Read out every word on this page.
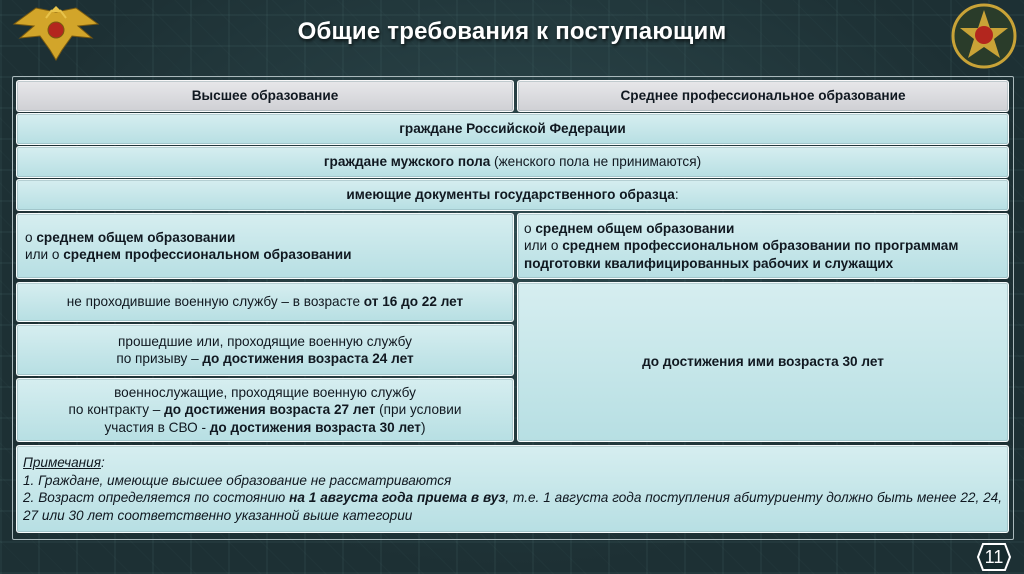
Общие требования к поступающим
Высшее образование	Среднее профессиональное образование
граждане Российской Федерации
граждане мужского пола (женского пола не принимаются)
имеющие документы государственного образца:
о среднем общем образовании
или о среднем профессиональном образовании
о среднем общем образовании
или о среднем профессиональном образовании по программам
подготовки квалифицированных рабочих и служащих
не проходившие военную службу – в возрасте от 16 до 22 лет
прошедшие или, проходящие военную службу
по призыву – до достижения возраста 24 лет
военнослужащие, проходящие военную службу
по контракту – до достижения возраста 27 лет (при условии
участия в СВО - до достижения возраста 30 лет)
до достижения ими возраста 30 лет
Примечания:
1. Граждане, имеющие высшее образование не рассматриваются
2. Возраст определяется по состоянию на 1 августа года приема в вуз, т.е. 1 августа года поступления абитуриенту должно быть менее 22, 24, 27 или 30 лет соответственно указанной выше категории
11
